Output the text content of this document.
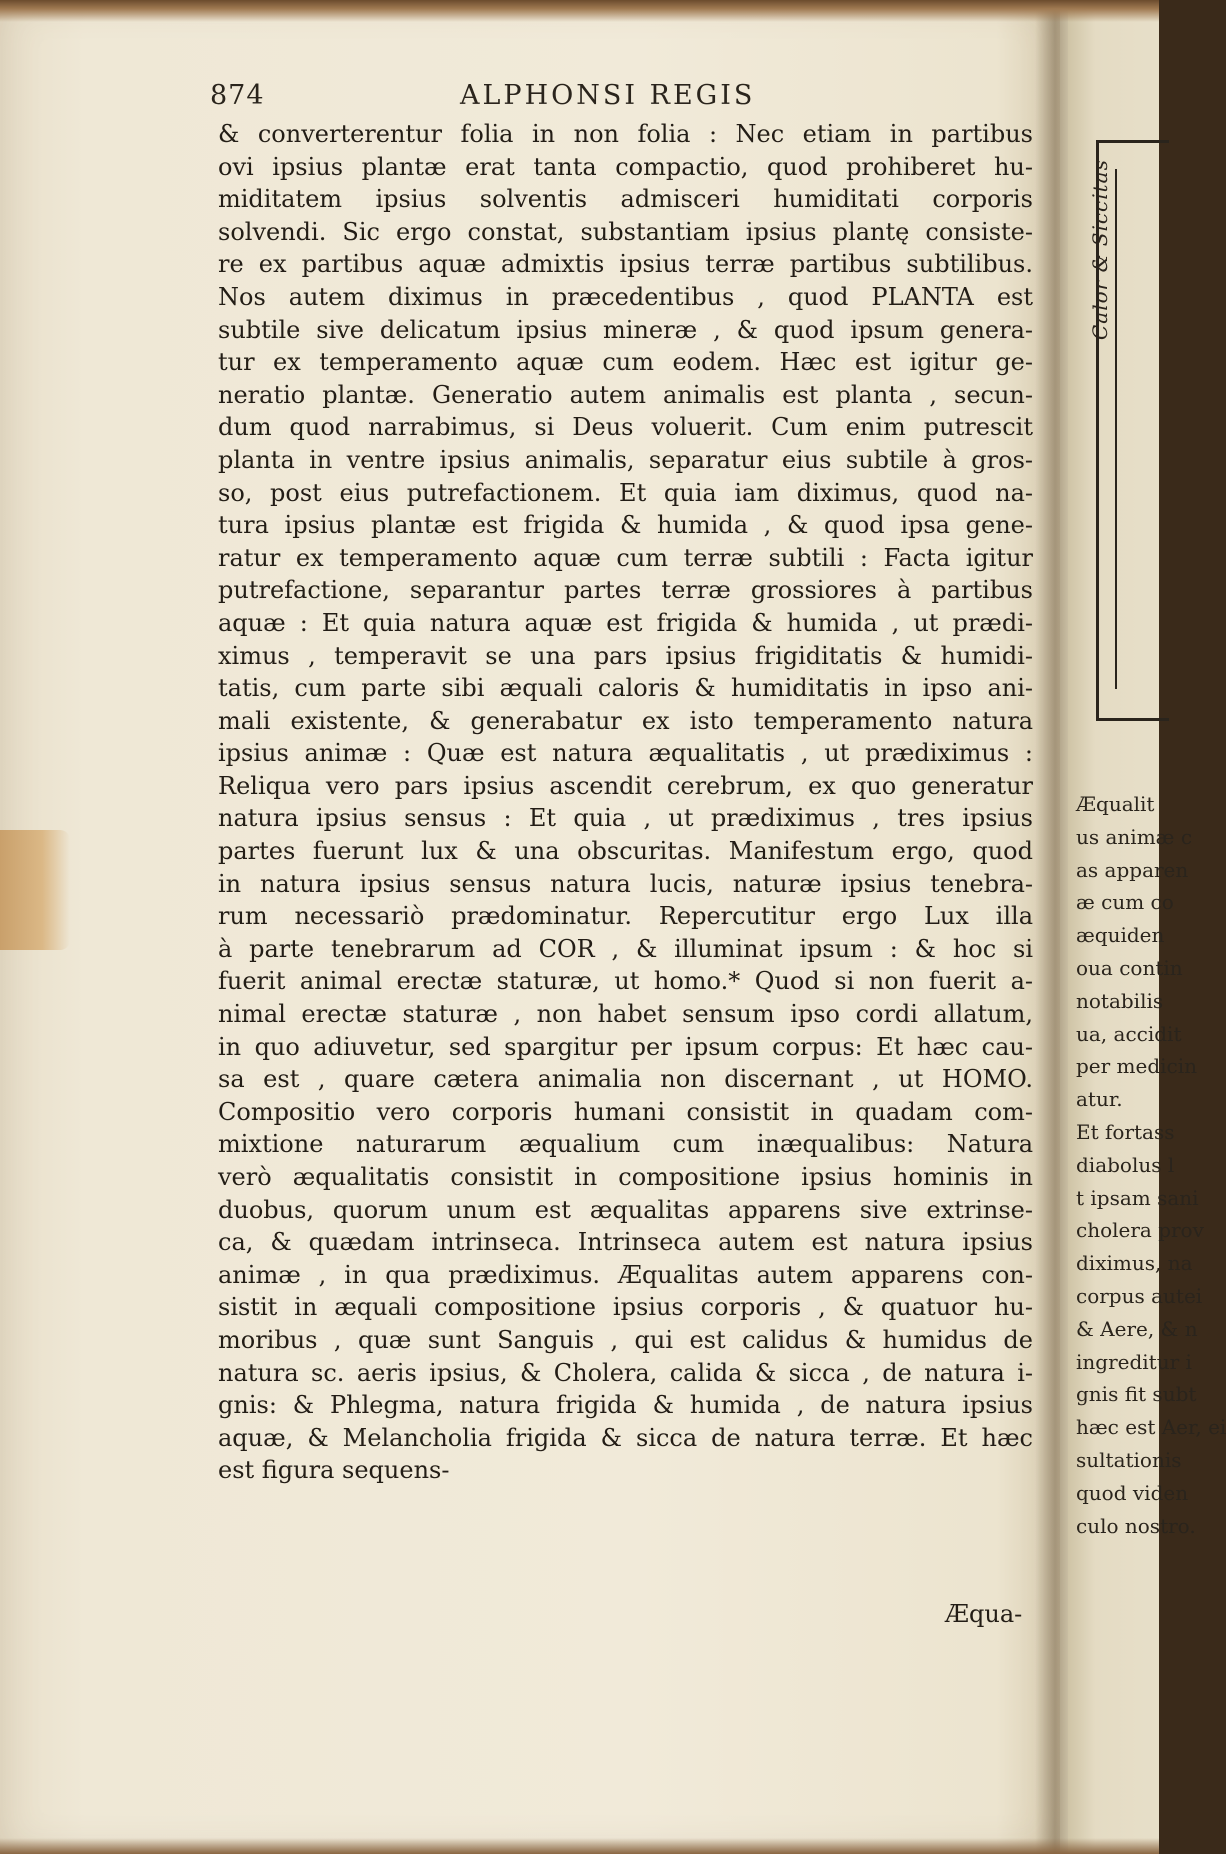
Calor & Siccitas
Æqualit
us animæ c
as apparen
æ cum co
æquiden
oua contin
notabilis
ua, accidit
per medicin
atur.
Et fortass
diabolus l
t ipsam sani
cholera prov
diximus, na
corpus autei
& Aere, & n
ingreditur i
gnis fit subt
hæc est Aer, ei
sultationis
quod viden
culo nostro.
874	ALPHONSI REGIS
& converterentur folia in non folia : Nec etiam in partibus
ovi ipsius plantæ erat tanta compactio, quod prohiberet hu-
miditatem ipsius solventis admisceri humiditati corporis
solvendi. Sic ergo constat, substantiam ipsius plantę consiste-
re ex partibus aquæ admixtis ipsius terræ partibus subtilibus.
Nos autem diximus in præcedentibus , quod PLANTA est
subtile sive delicatum ipsius mineræ , & quod ipsum genera-
tur ex temperamento aquæ cum eodem. Hæc est igitur ge-
neratio plantæ. Generatio autem animalis est planta , secun-
dum quod narrabimus, si Deus voluerit. Cum enim putrescit
planta in ventre ipsius animalis, separatur eius subtile à gros-
so, post eius putrefactionem. Et quia iam diximus, quod na-
tura ipsius plantæ est frigida & humida , & quod ipsa gene-
ratur ex temperamento aquæ cum terræ subtili : Facta igitur
putrefactione, separantur partes terræ grossiores à partibus
aquæ : Et quia natura aquæ est frigida & humida , ut prædi-
ximus , temperavit se una pars ipsius frigiditatis & humidi-
tatis, cum parte sibi æquali caloris & humiditatis in ipso ani-
mali existente, & generabatur ex isto temperamento natura
ipsius animæ : Quæ est natura æqualitatis , ut prædiximus :
Reliqua vero pars ipsius ascendit cerebrum, ex quo generatur
natura ipsius sensus : Et quia , ut prædiximus , tres ipsius
partes fuerunt lux & una obscuritas. Manifestum ergo, quod
in natura ipsius sensus natura lucis, naturæ ipsius tenebra-
rum necessariò prædominatur. Repercutitur ergo Lux illa
à parte tenebrarum ad COR , & illuminat ipsum : & hoc si
fuerit animal erectæ staturæ, ut homo.* Quod si non fuerit a-
nimal erectæ staturæ , non habet sensum ipso cordi allatum,
in quo adiuvetur, sed spargitur per ipsum corpus: Et hæc cau-
sa est , quare cætera animalia non discernant , ut HOMO.
Compositio vero corporis humani consistit in quadam com-
mixtione naturarum æqualium cum inæqualibus: Natura
verò æqualitatis consistit in compositione ipsius hominis in
duobus, quorum unum est æqualitas apparens sive extrinse-
ca, & quædam intrinseca. Intrinseca autem est natura ipsius
animæ , in qua prædiximus. Æqualitas autem apparens con-
sistit in æquali compositione ipsius corporis , & quatuor hu-
moribus , quæ sunt Sanguis , qui est calidus & humidus de
natura sc. aeris ipsius, & Cholera, calida & sicca , de natura i-
gnis: & Phlegma, natura frigida & humida , de natura ipsius
aquæ, & Melancholia frigida & sicca de natura terræ. Et hæc
est figura sequens-
Æqua-
